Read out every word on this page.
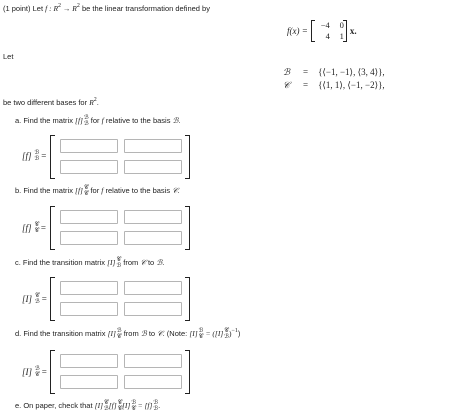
(1 point) Let f : $R^2 \to R^2$ be the linear transformation defined by
f(x) =
−4	0
4	1 x.
Let
ℬ	= {⟨−1, −1⟩, ⟨3, 4⟩},
𝒞	= {⟨1, 1⟩, ⟨−1, −2⟩},
be two different bases for $R^2$.
a. Find the matrix [f] ℬ
ℬ for f relative to the basis ℬ.
[f] ℬ
ℬ =
b. Find the matrix [f] 𝒞
𝒞 for f relative to the basis 𝒞.
[f] 𝒞
𝒞 =
c. Find the transition matrix [I] 𝒞
ℬ from 𝒞 to ℬ.
[I] 𝒞
ℬ =
d. Find the transition matrix [I] ℬ
𝒞 from ℬ to 𝒞. (Note: [I] ℬ
𝒞 = ([I] 𝒞
ℬ )$^{-1}$)
[I] ℬ
𝒞 =
e. On paper, check that [I] 𝒞
ℬ [f] 𝒞
𝒞 [I] ℬ
𝒞 = [f] ℬ
ℬ .
